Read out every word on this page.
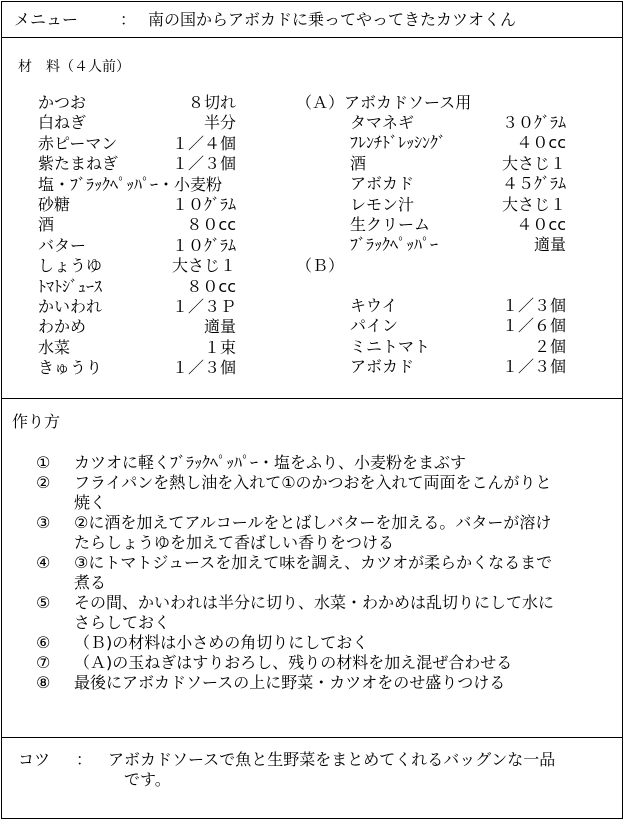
メニュー	： 南の国からアボカドに乗ってやってきたカツオくん
材　料（４人前）
かつお	８切れ
白ねぎ	半分
赤ピーマン	１／４個
紫たまねぎ	１／３個
塩・ﾌﾞﾗｯｸﾍﾟｯﾊﾟｰ・小麦粉
砂糖	１０ｸﾞﾗﾑ
酒	８０cc
バター	１０ｸﾞﾗﾑ
しょうゆ	大さじ１
ﾄﾏﾄｼﾞｭｰｽ	８０cc
かいわれ	１／３Ｐ
わかめ	適量
水菜	１束
きゅうり	１／３個
（Ａ）アボカドソース用
タマネギ	３０ｸﾞﾗﾑ
ﾌﾚﾝﾁﾄﾞﾚｯｼﾝｸﾞ	４０cc
酒	大さじ１
アボカド	４５ｸﾞﾗﾑ
レモン汁	大さじ１
生クリーム	４０cc
ﾌﾞﾗｯｸﾍﾟｯﾊﾟｰ	適量
（Ｂ）
キウイ	１／３個
パイン	１／６個
ミニトマト	２個
アボカド	１／３個
作り方
①	カツオに軽くﾌﾞﾗｯｸﾍﾟｯﾊﾟｰ・塩をふり、小麦粉をまぶす
②	フライパンを熱し油を入れて①のかつおを入れて両面をこんがりと
焼く
③	②に酒を加えてアルコールをとばしバターを加える。バターが溶け
たらしょうゆを加えて香ばしい香りをつける
④	③にトマトジュースを加えて味を調え、カツオが柔らかくなるまで
煮る
⑤	その間、かいわれは半分に切り、水菜・わかめは乱切りにして水に
さらしておく
⑥	（Ｂ)の材料は小さめの角切りにしておく
⑦	（Ａ)の玉ねぎはすりおろし、残りの材料を加え混ぜ合わせる
⑧	最後にアボカドソースの上に野菜・カツオをのせ盛りつける
コツ ： アボカドソースで魚と生野菜をまとめてくれるバッグンな一品
です。
